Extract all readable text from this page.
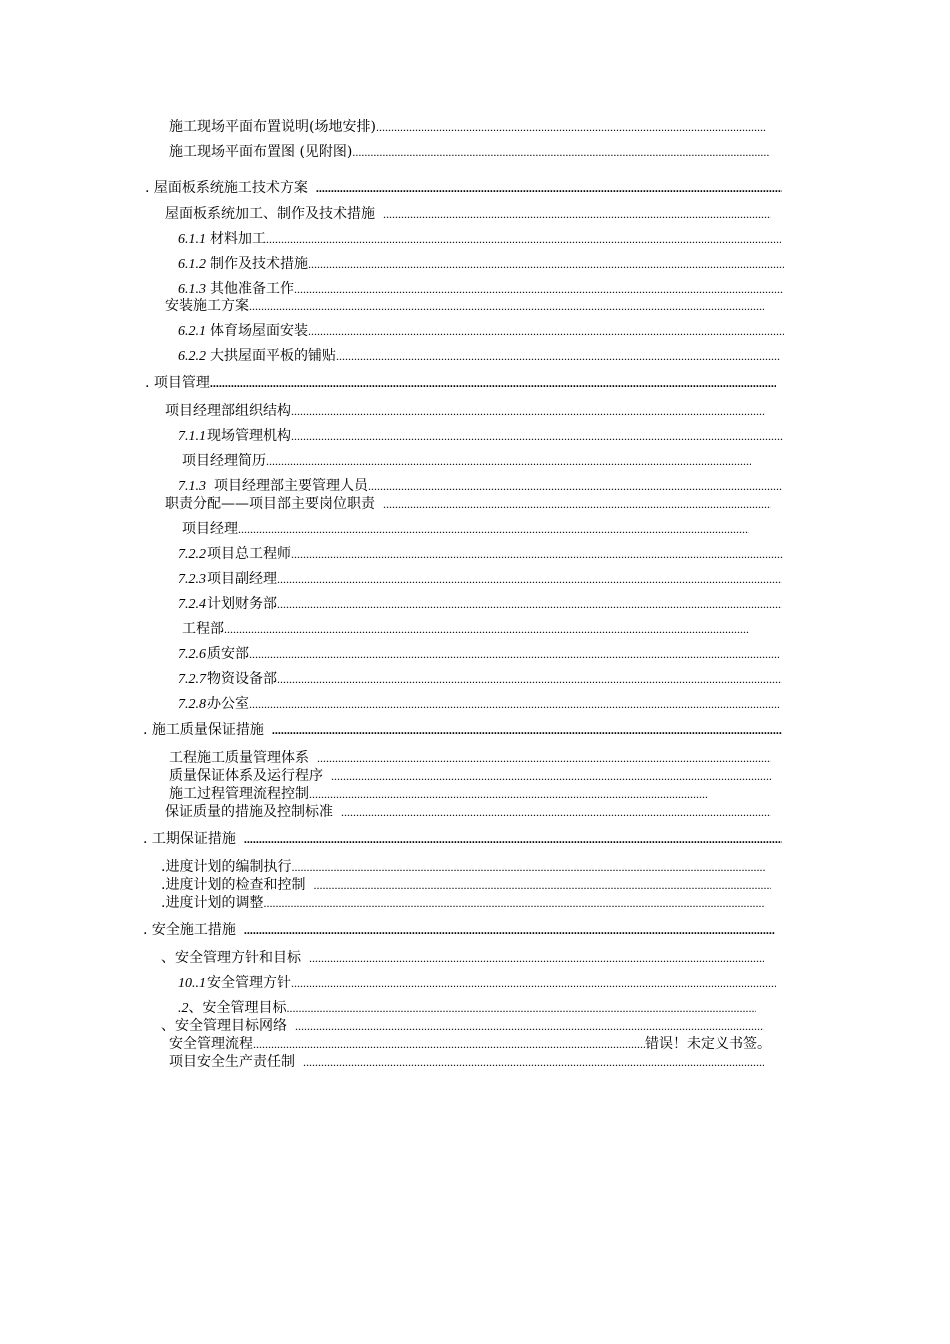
施工现场平面布置说明(场地安排)
.....
施工现场平面布置图 (见附图)
.....
. 屋面板系统施工技术方案
.....
屋面板系统加工、制作及技术措施
.....
6.1.1 材料加工
.....
6.1.2 制作及技术措施
.....
6.1.3 其他准备工作
.....
安装施工方案
.....
6.2.1 体育场屋面安装
.....
6.2.2 大拱屋面平板的铺贴
.....
. 项目管理
.....
项目经理部组织结构
.....
7.1.1 现场管理机构
.....
项目经理简历
.....
7.1.3 项目经理部主要管理人员
.....
职责分配——项目部主要岗位职责
.....
项目经理
.....
7.2.2 项目总工程师
.....
7.2.3 项目副经理
.....
7.2.4 计划财务部
.....
工程部
.....
7.2.6 质安部
.....
7.2.7 物资设备部
.....
7.2.8 办公室
.....
. 施工质量保证措施
.....
工程施工质量管理体系
.....
质量保证体系及运行程序
.....
施工过程管理流程控制
.....
保证质量的措施及控制标准
.....
. 工期保证措施
.....
.进度计划的编制执行
.....
.进度计划的检查和控制
.....
.进度计划的调整
.....
. 安全施工措施
.....
、安全管理方针和目标
.....
10..1 安全管理方针
.....
.2 、安全管理目标
.....
、安全管理目标网络
.....
安全管理流程
.....	错误！未定义书签。
项目安全生产责任制
.....
